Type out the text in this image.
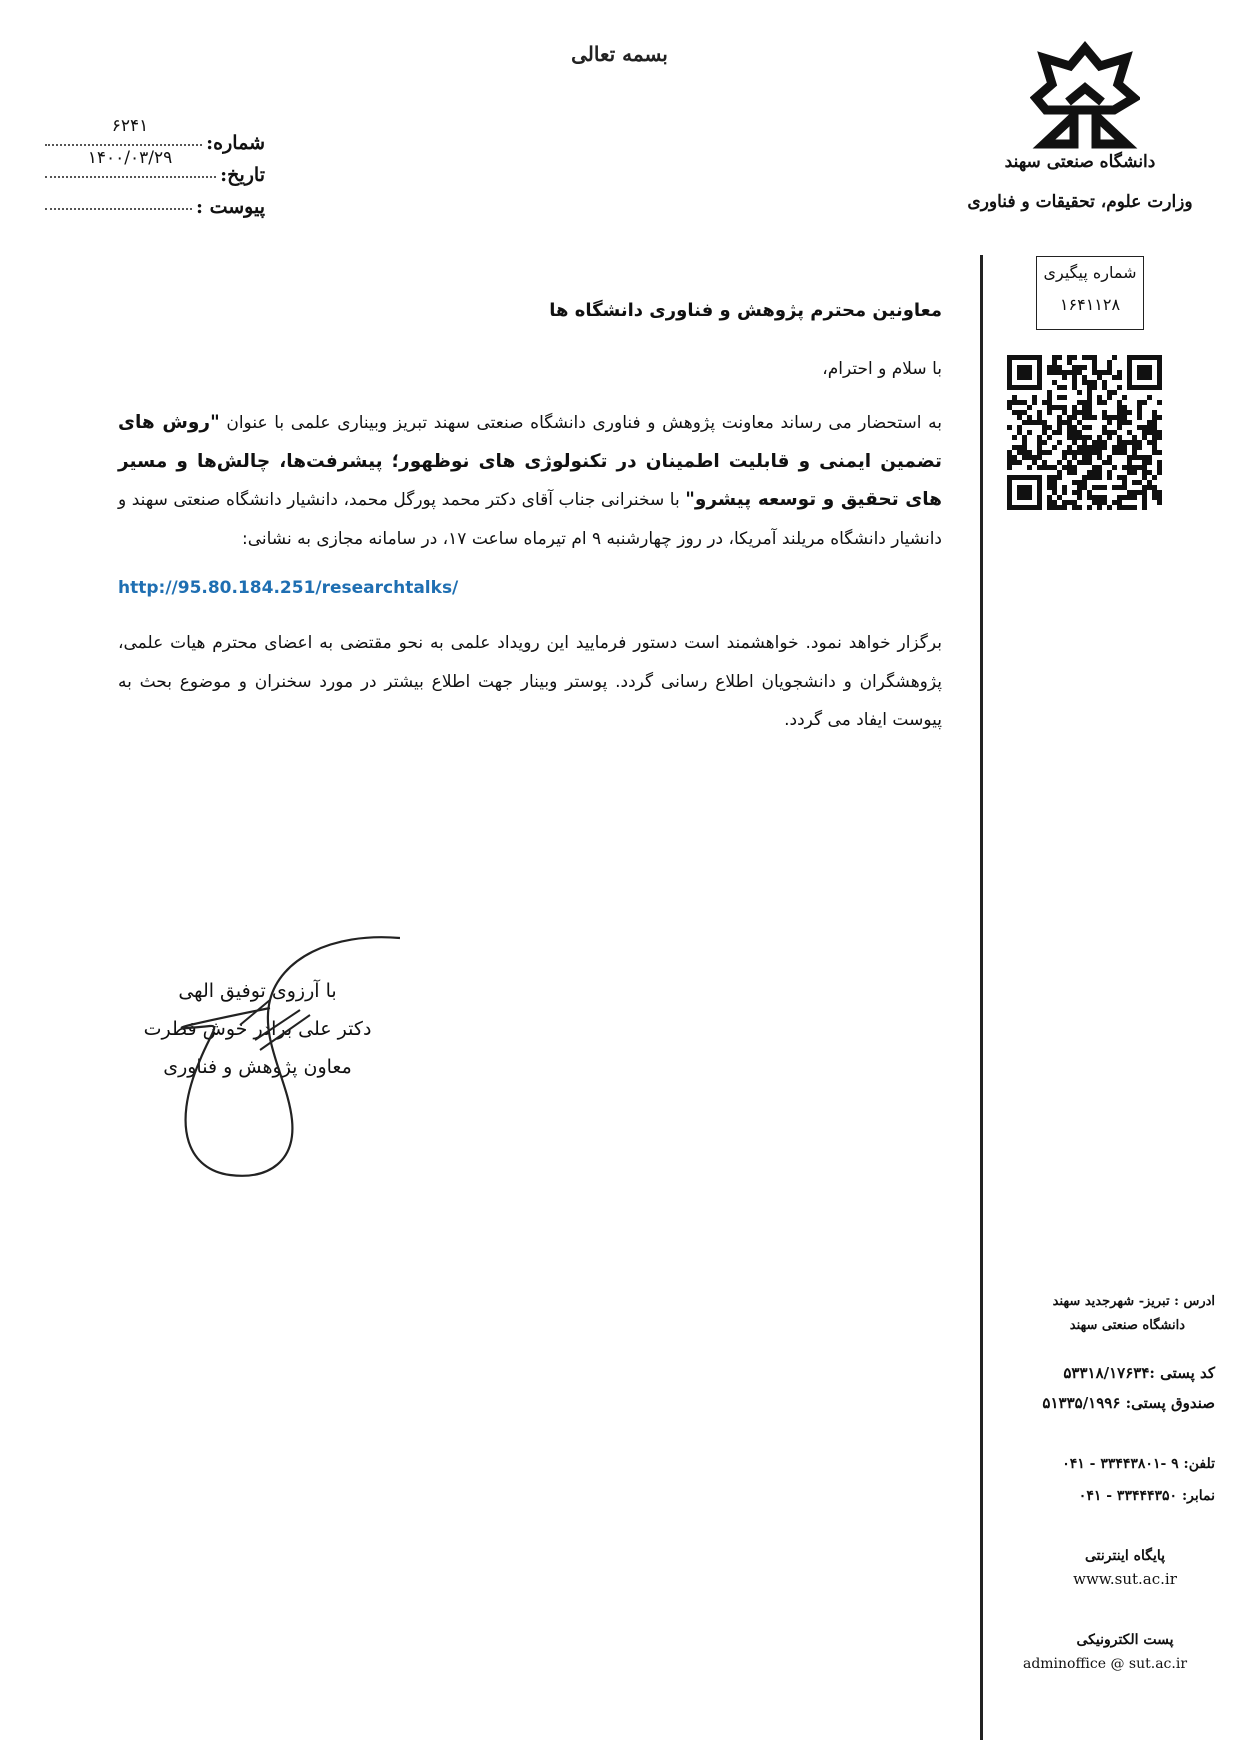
بسمه تعالی
شماره:
۶۲۴۱
تاریخ:
۱۴۰۰/۰۳/۲۹
پیوست :
دانشگاه صنعتی سهند
وزارت علوم، تحقیقات و فناوری
شماره پیگیری
۱۶۴۱۱۲۸

معاونین محترم پژوهش و فناوری دانشگاه ها

با سلام و احترام،
به استحضار می رساند معاونت پژوهش و فناوری دانشگاه صنعتی سهند تبریز وبیناری علمی با عنوان "روش های تضمین ایمنی و قابلیت اطمینان در تکنولوژی های نوظهور؛ پیشرفت‌ها، چالش‌ها و مسیر های تحقیق و توسعه پیشرو" با سخنرانی جناب آقای دکتر محمد پورگل محمد، دانشیار دانشگاه صنعتی سهند و دانشیار دانشگاه مریلند آمریکا، در روز چهارشنبه ۹ ام تیرماه ساعت ۱۷، در سامانه مجازی به نشانی:
http://95.80.184.251/researchtalks/
برگزار خواهد نمود. خواهشمند است دستور فرمایید این رویداد علمی به نحو مقتضی به اعضای محترم هیات علمی، پژوهشگران و دانشجویان اطلاع رسانی گردد. پوستر وبینار جهت اطلاع بیشتر در مورد سخنران و موضوع بحث به پیوست ایفاد می گردد.
با آرزوی توفیق الهی
دکتر علی برادر خوش فطرت
معاون پژوهش و فناوری
ادرس : تبریز- شهرجدید سهند
دانشگاه صنعتی سهند
کد پستی :۵۳۳۱۸/۱۷۶۳۴
صندوق پستی: ۵۱۳۳۵/۱۹۹۶
تلفن: ۹ -۳۳۴۴۳۸۰۱ - ۰۴۱
نمابر: ۳۳۴۴۴۳۵۰ - ۰۴۱
پایگاه اینترنتی
www.sut.ac.ir
پست الکترونیکی
adminoffice @ sut.ac.ir
